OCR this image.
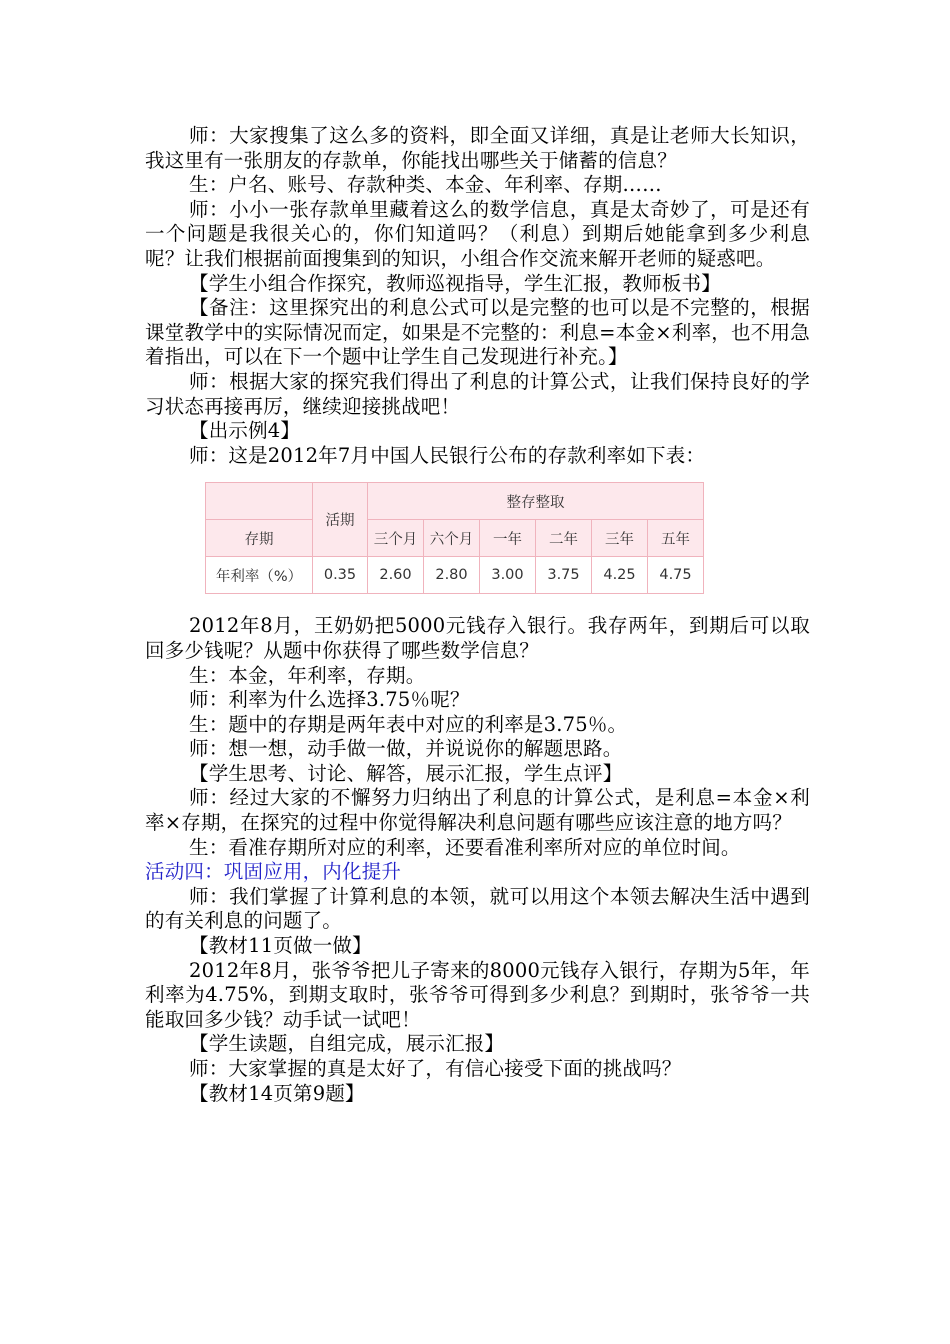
师：大家搜集了这么多的资料，即全面又详细，真是让老师大长知识，我这里有一张朋友的存款单，你能找出哪些关于储蓄的信息？

生：户名、账号、存款种类、本金、年利率、存期……

师：小小一张存款单里藏着这么的数学信息，真是太奇妙了，可是还有一个问题是我很关心的，你们知道吗？（利息）到期后她能拿到多少利息呢？让我们根据前面搜集到的知识，小组合作交流来解开老师的疑惑吧。

【学生小组合作探究，教师巡视指导，学生汇报，教师板书】

【备注：这里探究出的利息公式可以是完整的也可以是不完整的，根据课堂教学中的实际情况而定，如果是不完整的：利息=本金×利率，也不用急着指出，可以在下一个题中让学生自己发现进行补充。】

师：根据大家的探究我们得出了利息的计算公式，让我们保持良好的学习状态再接再厉，继续迎接挑战吧！

【出示例4】

师：这是2012年7月中国人民银行公布的存款利率如下表：

	活期	整存整取					
存期		三个月	六个月	一年	二年	三年	五年
年利率（%）	0.35	2.60	2.80	3.00	3.75	4.25	4.75

2012年8月，王奶奶把5000元钱存入银行。我存两年，到期后可以取回多少钱呢？从题中你获得了哪些数学信息？

生：本金，年利率，存期。

师：利率为什么选择3.75％呢？

生：题中的存期是两年表中对应的利率是3.75％。

师：想一想，动手做一做，并说说你的解题思路。

【学生思考、讨论、解答，展示汇报，学生点评】

师：经过大家的不懈努力归纳出了利息的计算公式，是利息=本金×利率×存期，在探究的过程中你觉得解决利息问题有哪些应该注意的地方吗？

生：看准存期所对应的利率，还要看准利率所对应的单位时间。

活动四：巩固应用，内化提升

师：我们掌握了计算利息的本领，就可以用这个本领去解决生活中遇到的有关利息的问题了。

【教材11页做一做】

2012年8月，张爷爷把儿子寄来的8000元钱存入银行，存期为5年，年利率为4.75%，到期支取时，张爷爷可得到多少利息？到期时，张爷爷一共能取回多少钱？动手试一试吧！

【学生读题，自组完成，展示汇报】

师：大家掌握的真是太好了，有信心接受下面的挑战吗？

【教材14页第9题】
